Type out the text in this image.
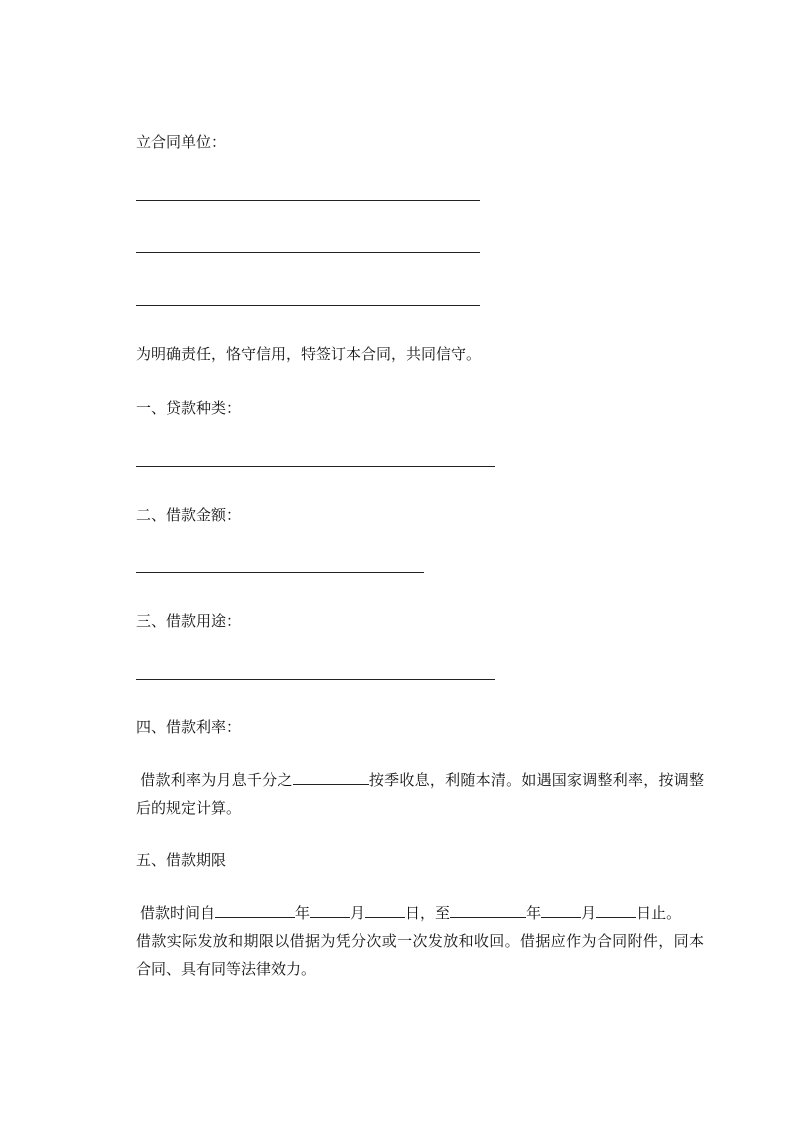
立合同单位：
为明确责任，恪守信用，特签订本合同，共同信守。
一、贷款种类：
二、借款金额：
三、借款用途：
四、借款利率：
借款利率为月息千分之	按季收息，利随本清。如遇国家调整利率，按调整后的规定计算。
五、借款期限
借款时间自	年	月	日，至	年	月	日止。
借款实际发放和期限以借据为凭分次或一次发放和收回。借据应作为合同附件，同本合同、具有同等法律效力。
